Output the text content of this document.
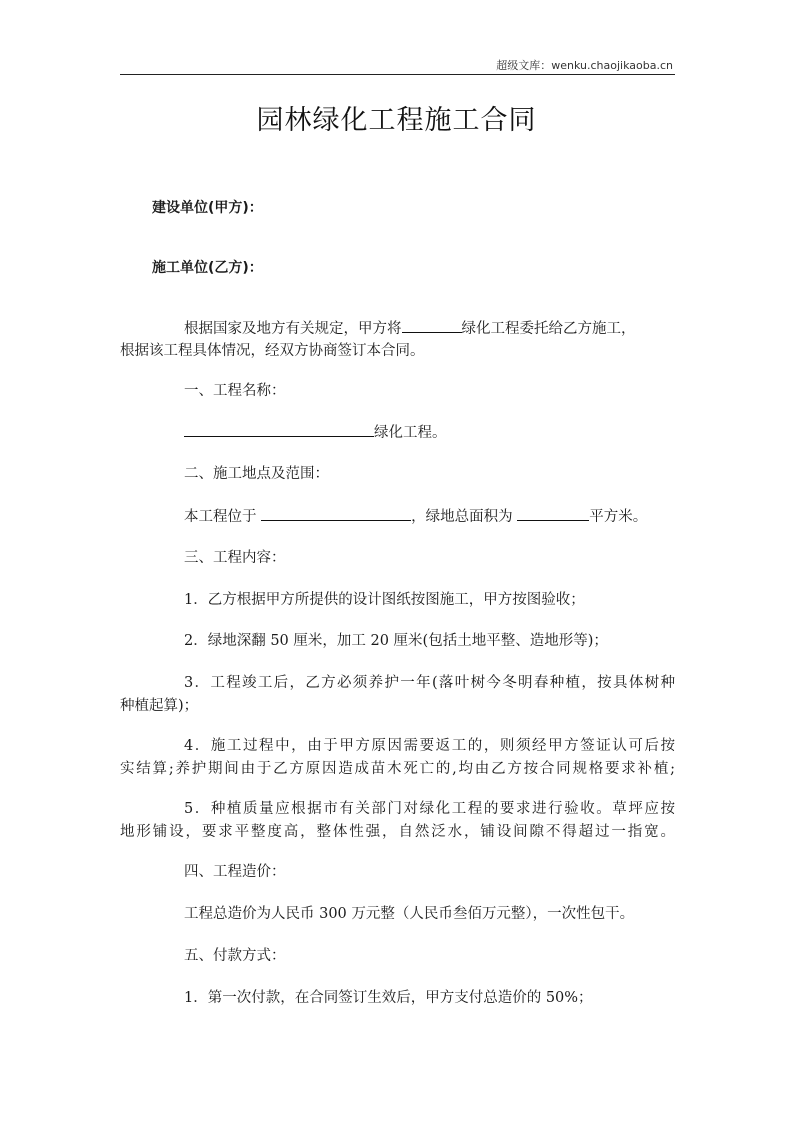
超级文库：wenku.chaojikaoba.cn
园林绿化工程施工合同
建设单位(甲方)：
施工单位(乙方)：
根据国家及地方有关规定，甲方将	绿化工程委托给乙方施工，
根据该工程具体情况，经双方协商签订本合同。
一、工程名称：
绿化工程。
二、施工地点及范围：
本工程位于	，绿地总面积为	平方米。
三、工程内容：
1．乙方根据甲方所提供的设计图纸按图施工，甲方按图验收；
2．绿地深翻 50 厘米，加工 20 厘米(包括土地平整、造地形等)；
3．工程竣工后，乙方必须养护一年(落叶树今冬明春种植，按具体树种
种植起算)；
4．施工过程中，由于甲方原因需要返工的，则须经甲方签证认可后按
实结算;养护期间由于乙方原因造成苗木死亡的,均由乙方按合同规格要求补植;
5．种植质量应根据市有关部门对绿化工程的要求进行验收。草坪应按
地形铺设，要求平整度高，整体性强，自然泛水，铺设间隙不得超过一指宽。
四、工程造价：
工程总造价为人民币 300 万元整（人民币叁佰万元整），一次性包干。
五、付款方式：
1．第一次付款，在合同签订生效后，甲方支付总造价的 50%；
